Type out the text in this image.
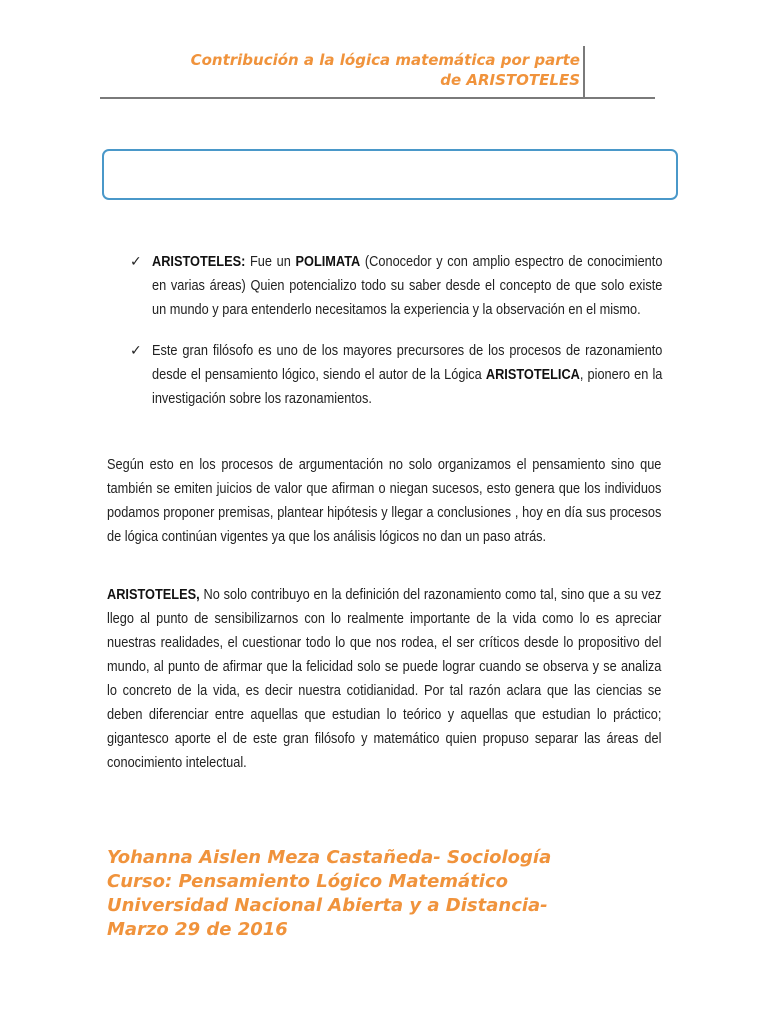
Contribución a la lógica matemática por parte
de ARISTOTELES
✓ ARISTOTELES: Fue un POLIMATA (Conocedor y con amplio espectro de conocimiento en varias áreas) Quien potencializo todo su saber desde el concepto de que solo existe un mundo y para entenderlo necesitamos la experiencia y la observación en el mismo.
✓ Este gran filósofo es uno de los mayores precursores de los procesos de razonamiento desde el pensamiento lógico, siendo el autor de la Lógica ARISTOTELICA, pionero en la investigación sobre los razonamientos.
Según esto en los procesos de argumentación no solo organizamos el pensamiento sino que también se emiten juicios de valor que afirman o niegan sucesos, esto genera que los individuos podamos proponer premisas, plantear hipótesis y llegar a conclusiones , hoy en día sus procesos de lógica continúan vigentes ya que los análisis lógicos no dan un paso atrás.
ARISTOTELES, No solo contribuyo en la definición del razonamiento como tal, sino que a su vez llego al punto de sensibilizarnos con lo realmente importante de la vida como lo es apreciar nuestras realidades, el cuestionar todo lo que nos rodea, el ser críticos desde lo propositivo del mundo, al punto de afirmar que la felicidad solo se puede lograr cuando se observa y se analiza lo concreto de la vida, es decir nuestra cotidianidad. Por tal razón aclara que las ciencias se deben diferenciar entre aquellas que estudian lo teórico y aquellas que estudian lo práctico; gigantesco aporte el de este gran filósofo y matemático quien propuso separar las áreas del conocimiento intelectual.
Yohanna Aislen Meza Castañeda- Sociología
Curso: Pensamiento Lógico Matemático
Universidad Nacional Abierta y a Distancia-
Marzo 29 de 2016
